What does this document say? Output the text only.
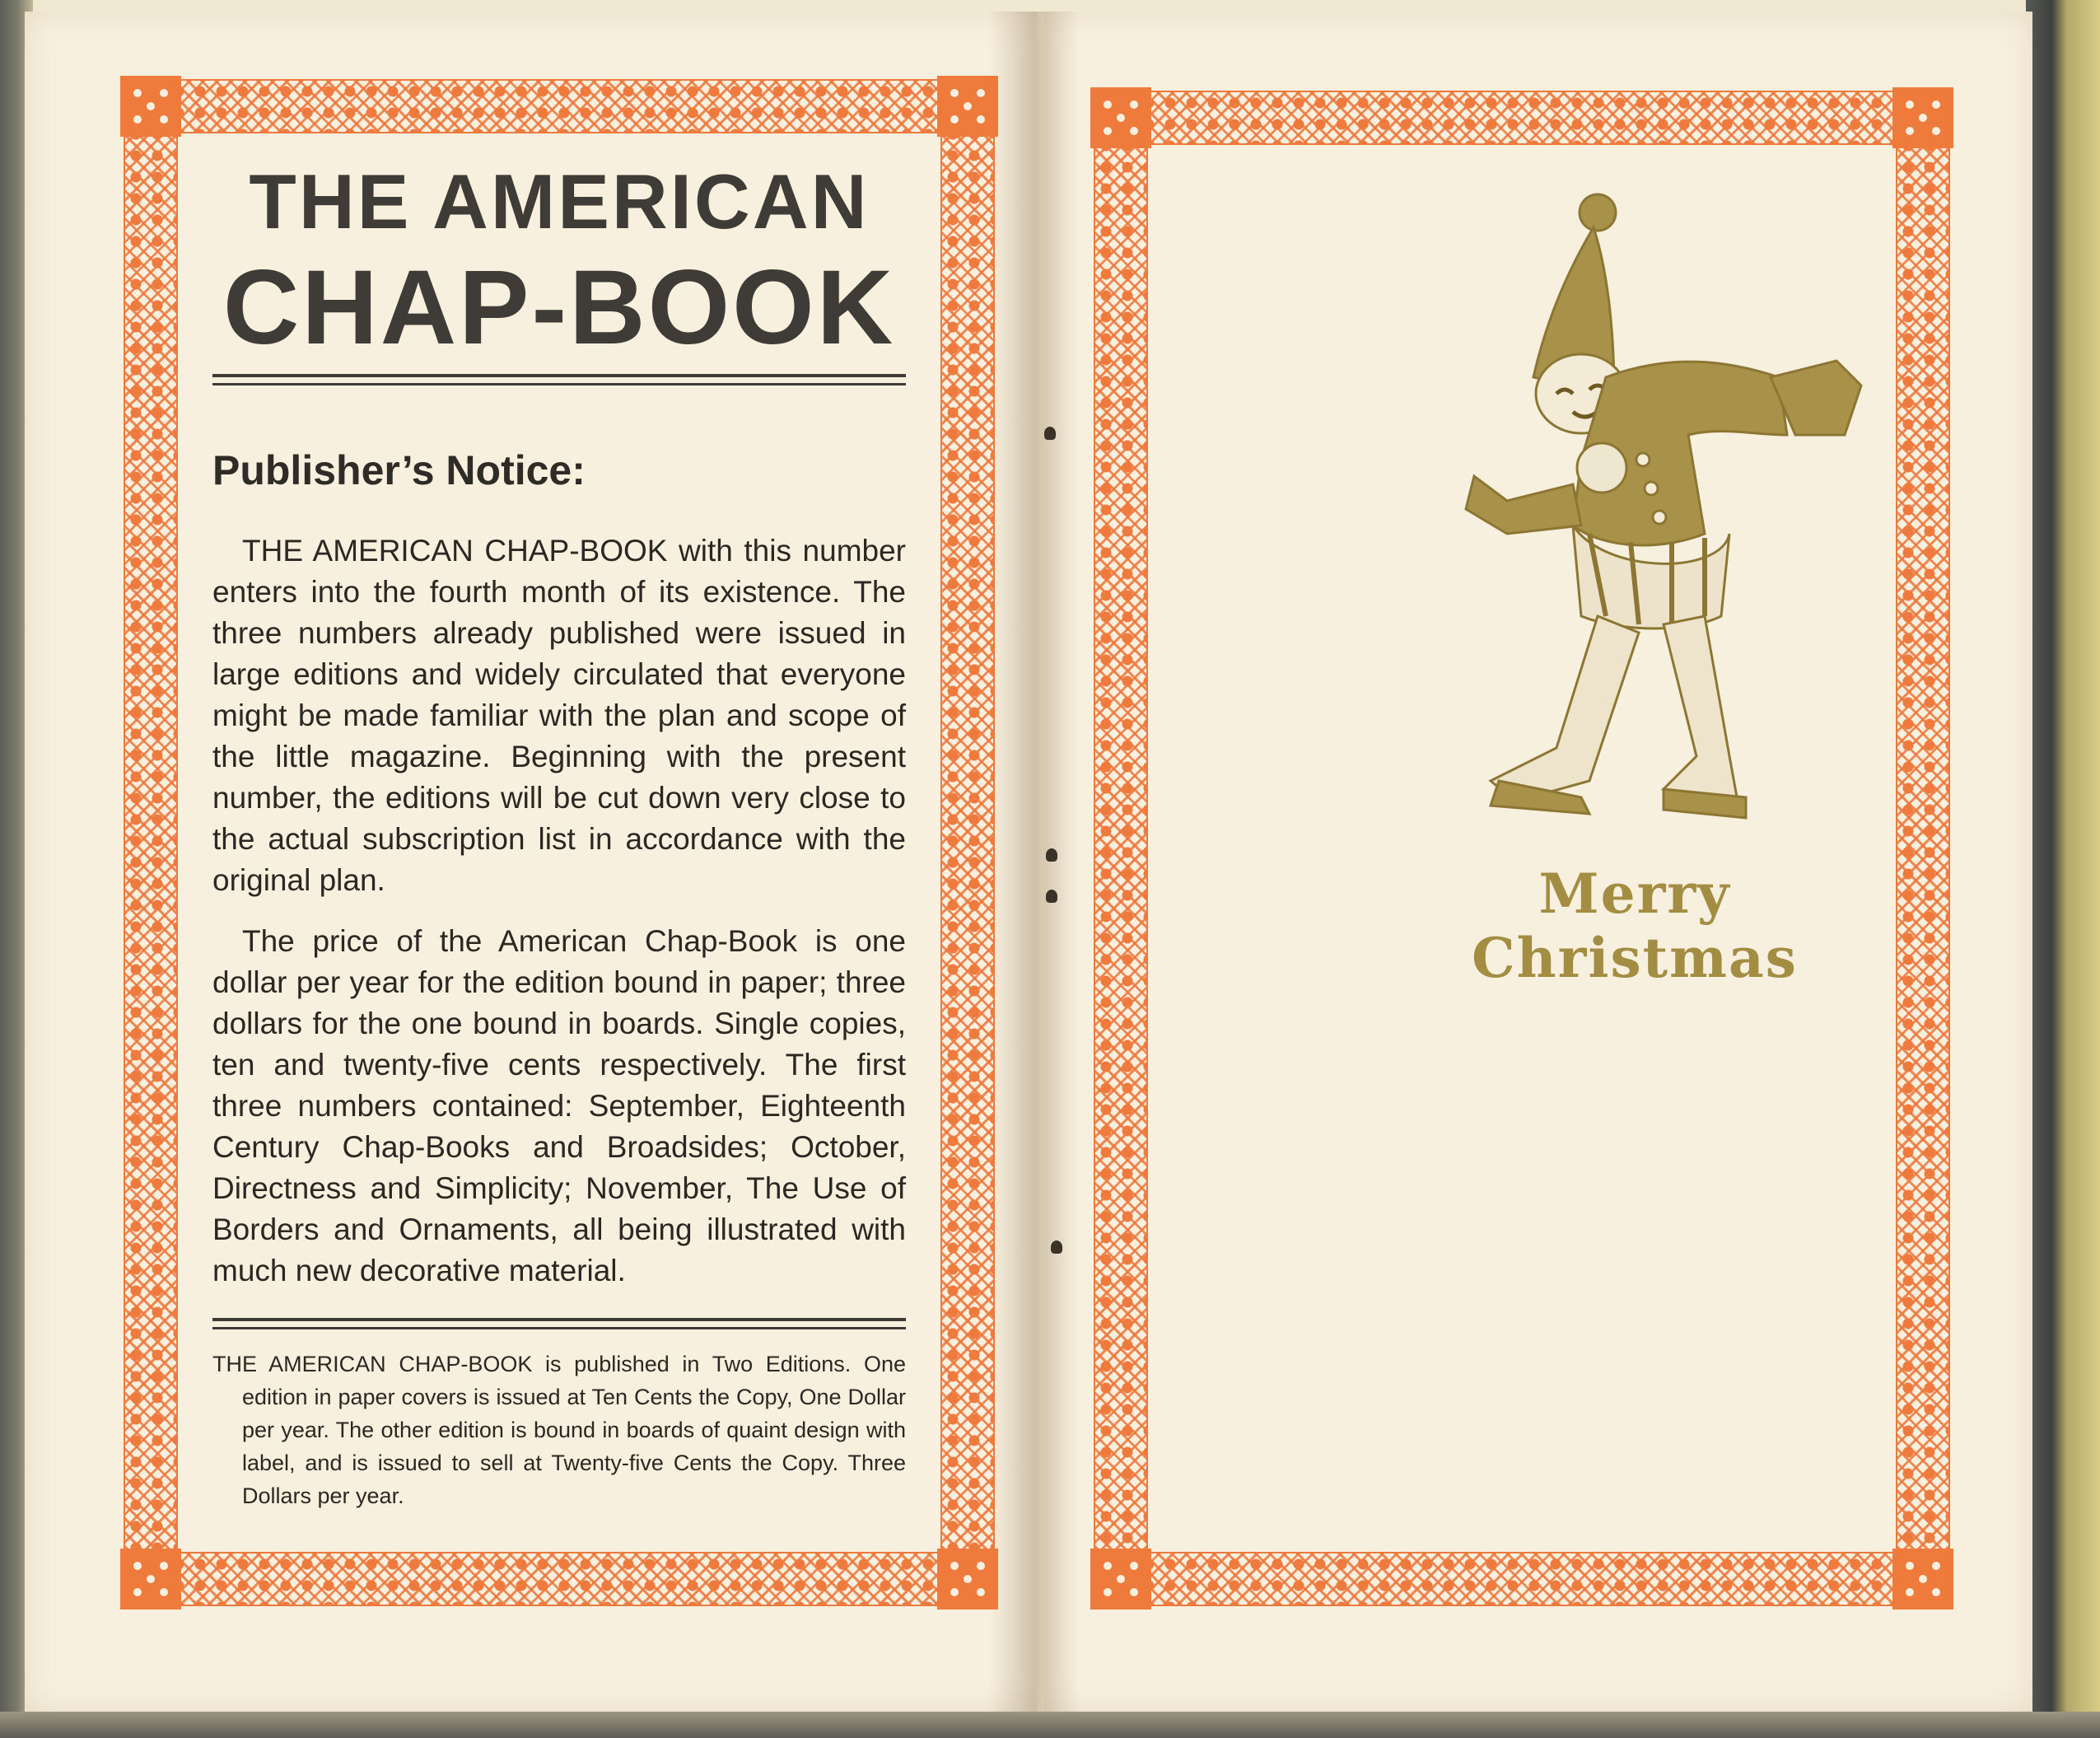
THE AMERICAN
CHAP-BOOK
Publisher’s Notice:

THE AMERICAN CHAP-BOOK with this number enters into the fourth month of its existence. The three numbers already published were issued in large editions and widely circulated that everyone might be made familiar with the plan and scope of the little magazine. Beginning with the present number, the editions will be cut down very close to the actual subscription list in accordance with the original plan.

The price of the American Chap-Book is one dollar per year for the edition bound in paper; three dollars for the one bound in boards. Single copies, ten and twenty-five cents respectively. The first three numbers contained: September, Eighteenth Century Chap-Books and Broadsides; October, Directness and Simplicity; November, The Use of Borders and Ornaments, all being illustrated with much new decorative material.

THE AMERICAN CHAP-BOOK is published in Two Editions. One edition in paper covers is issued at Ten Cents the Copy, One Dollar per year. The other edition is bound in boards of quaint design with label, and is issued to sell at Twenty-five Cents the Copy. Three Dollars per year.

Merry Christmas
